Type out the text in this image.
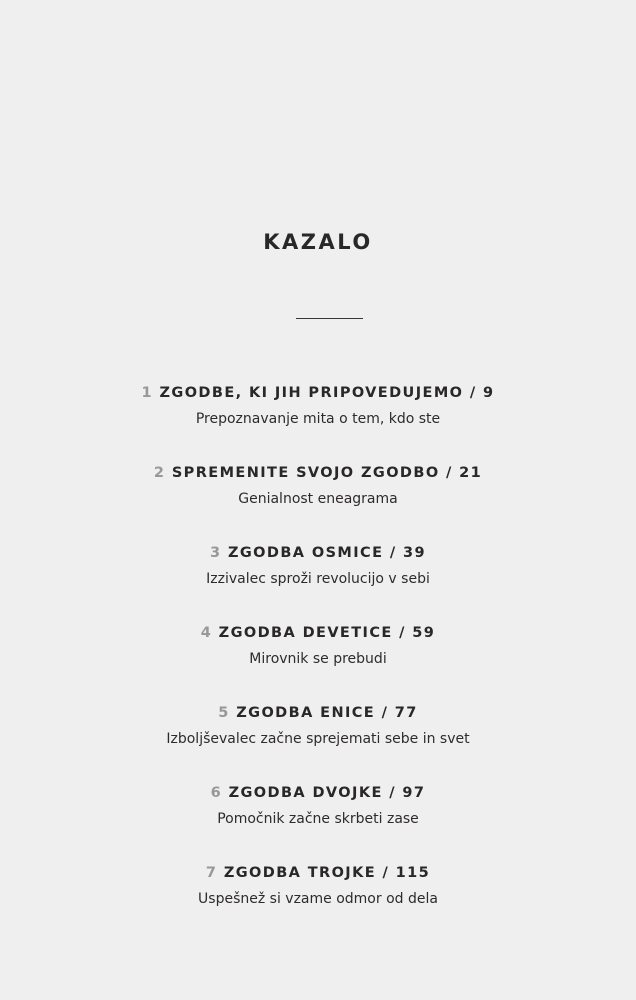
KAZALO
1 ZGODBE, KI JIH PRIPOVEDUJEMO / 9
Prepoznavanje mita o tem, kdo ste
2 SPREMENITE SVOJO ZGODBO / 21
Genialnost eneagrama
3 ZGODBA OSMICE / 39
Izzivalec sproži revolucijo v sebi
4 ZGODBA DEVETICE / 59
Mirovnik se prebudi
5 ZGODBA ENICE / 77
Izboljševalec začne sprejemati sebe in svet
6 ZGODBA DVOJKE / 97
Pomočnik začne skrbeti zase
7 ZGODBA TROJKE / 115
Uspešnež si vzame odmor od dela
